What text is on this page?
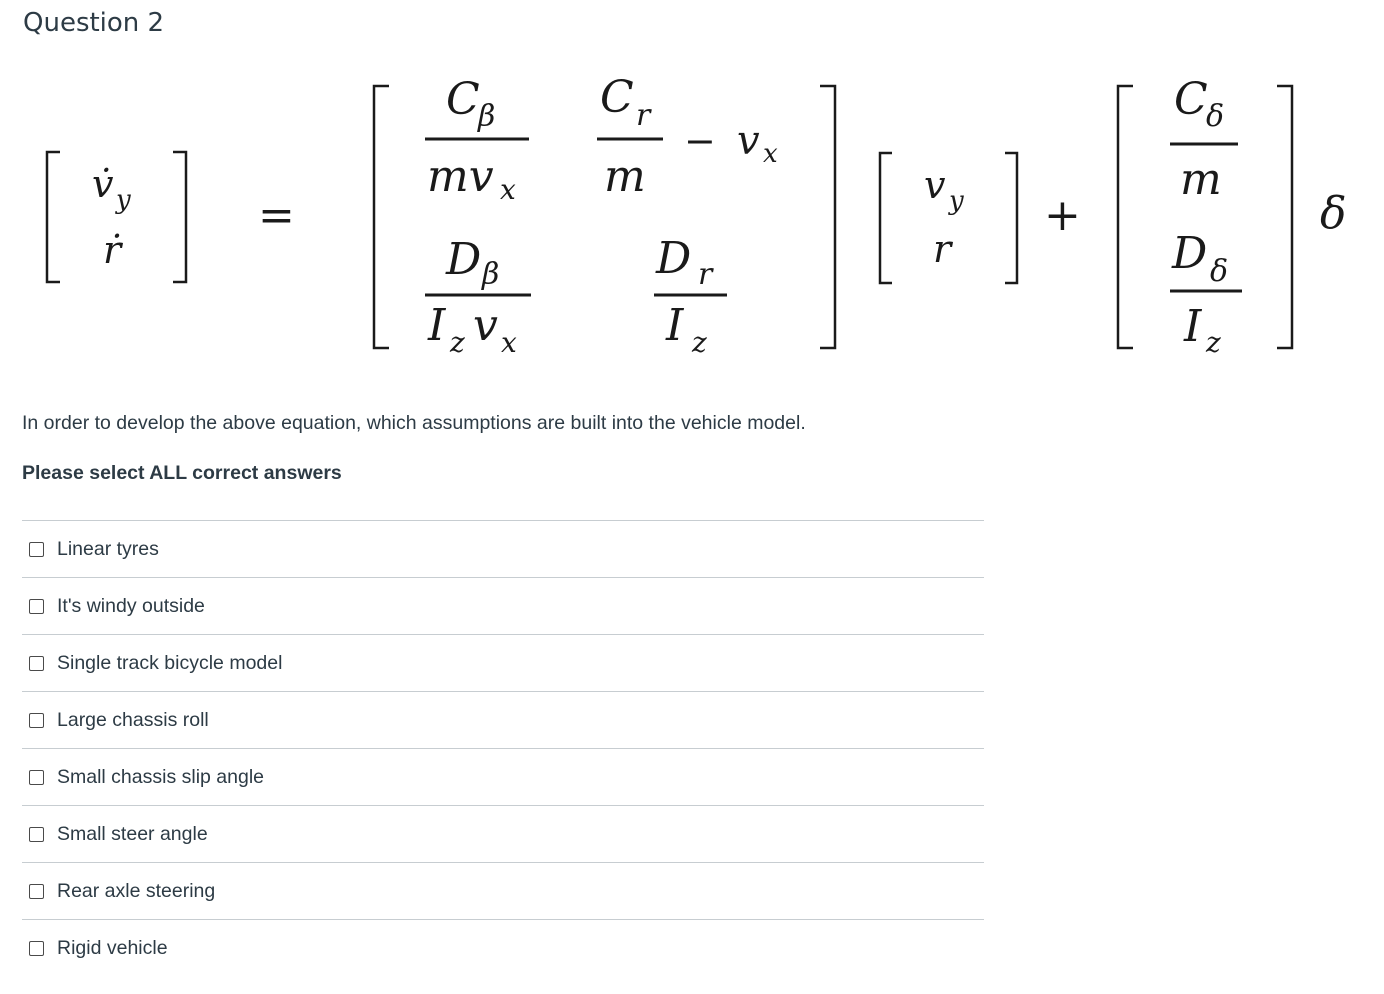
Question 2
v̇ y
ṙ
=
C
β
mv x
C r
m
− v x
D β
I z v x
D r
I z
v y
r
+
C
δ
m
D δ
I z
δ
In order to develop the above equation, which assumptions are built into the vehicle model.
Please select ALL correct answers
Linear tyres
It's windy outside
Single track bicycle model
Large chassis roll
Small chassis slip angle
Small steer angle
Rear axle steering
Rigid vehicle
